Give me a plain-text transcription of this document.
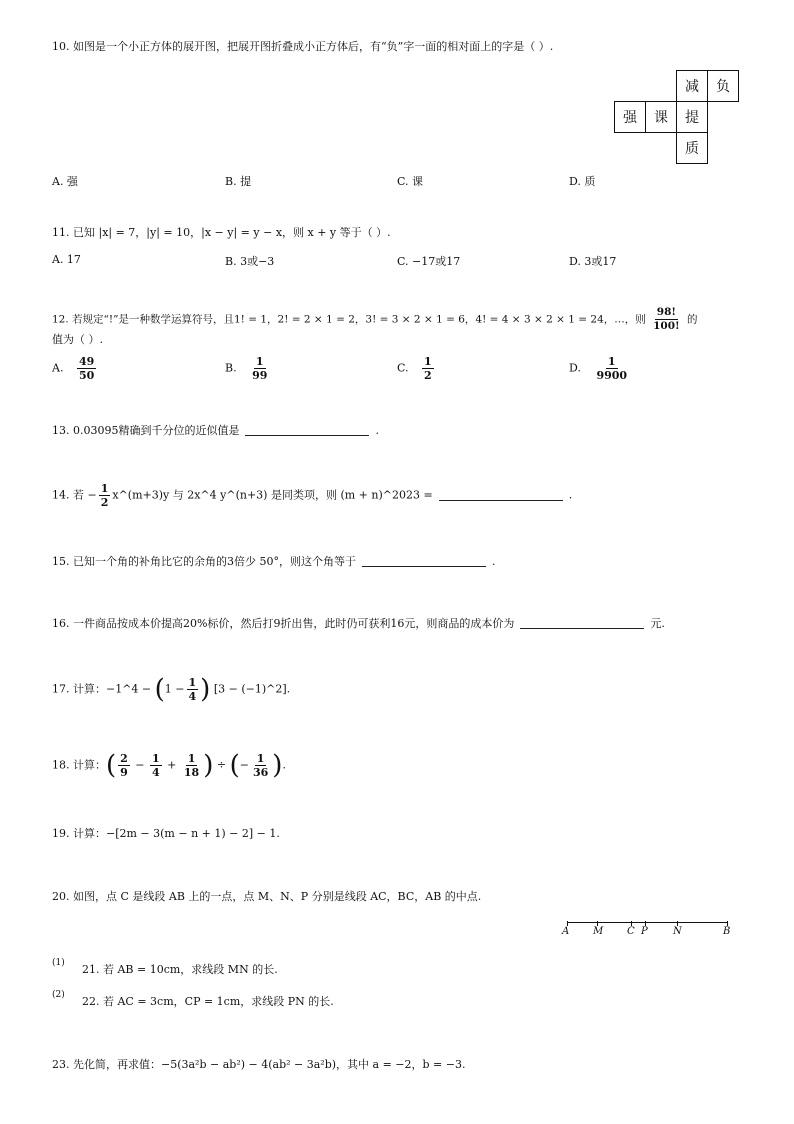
10. 如图是一个小正方体的展开图，把展开图折叠成小正方体后，有“负”字一面的相对面上的字是（ ）.
减	负
强	课	提
质
A. 强	B. 提	C. 课	D. 质
11. 已知 |x| = 7，|y| = 10，|x − y| = y − x，则 x + y 等于（ ）.
A. 17	B. 3或−3	C. −17或17	D. 3或17
12. 若规定“!”是一种数学运算符号，且1! = 1，2! = 2 × 1 = 2，3! = 3 × 2 × 1 = 6，4! = 4 × 3 × 2 × 1 = 24，…，则 $\frac{98!}{100!}$ 的
值为（ ）.
A. $\frac{49}{50}$	B. $\frac{1}{99}$	C. $\frac{1}{2}$	D. $\frac{1}{9900}$
13. 0.03095精确到千分位的近似值是	.
14. 若 − $\frac{1}{2}$ x^(m+3)y 与 2x^4 y^(n+3) 是同类项，则 (m + n)^2023 =	.
15. 已知一个角的补角比它的余角的3倍少 50°，则这个角等于	.
16. 一件商品按成本价提高20%标价，然后打9折出售，此时仍可获利16元，则商品的成本价为	元.
17. 计算：−1^4 − ($1 - \frac{1}{4}$ ) [3 − (−1)^2].
18. 计算：( $\frac{2}{9} - \frac{1}{4} + \frac{1}{18}$ ) ÷ (− $\frac{1}{36}$ ).
19. 计算：−[2m − 3(m − n + 1) − 2] − 1.
20. 如图，点 C 是线段 AB 上的一点，点 M、N、P 分别是线段 AC，BC，AB 的中点.
A M C P	N	B
(1) 21. 若 AB = 10cm，求线段 MN 的长.
(2) 22. 若 AC = 3cm，CP = 1cm，求线段 PN 的长.
23. 先化简，再求值：−5(3a²b − ab²) − 4(ab² − 3a²b)，其中 a = −2，b = −3.
